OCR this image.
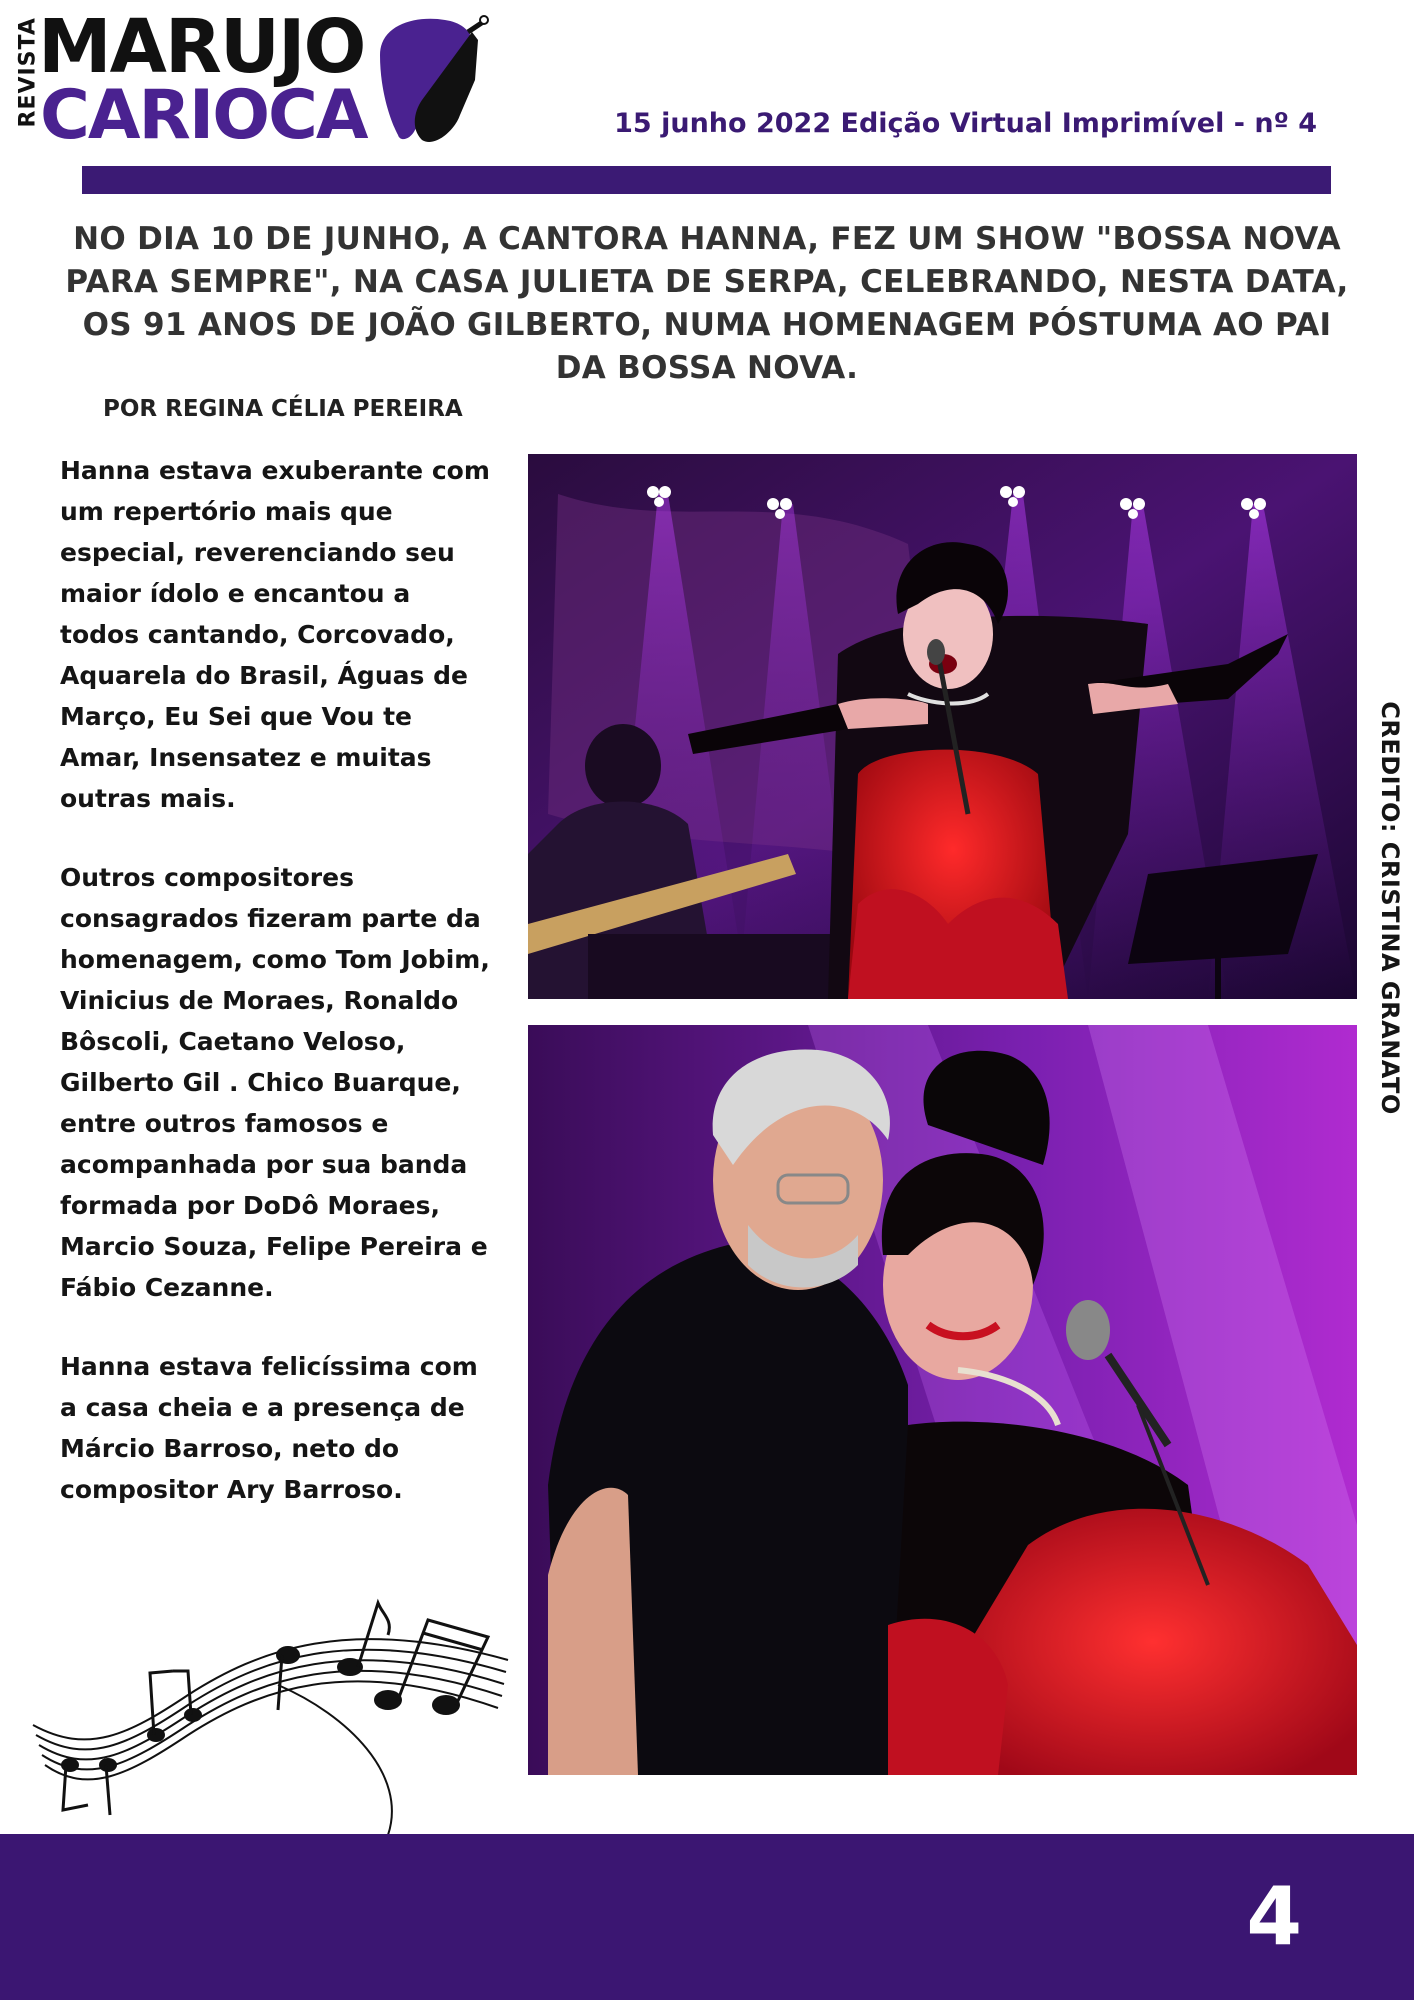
REVISTA
MARUJO
CARIOCA	15 junho 2022 Edição Virtual Imprimível - nº 4
NO DIA 10 DE JUNHO, A CANTORA HANNA, FEZ UM SHOW "BOSSA NOVA PARA SEMPRE", NA CASA JULIETA DE SERPA, CELEBRANDO, NESTA DATA, OS 91 ANOS DE JOÃO GILBERTO, NUMA HOMENAGEM PÓSTUMA AO PAI DA BOSSA NOVA.
POR REGINA CÉLIA PEREIRA

Hanna estava exuberante com um repertório mais que especial, reverenciando seu maior ídolo e encantou a todos cantando, Corcovado, Aquarela do Brasil, Águas de Março, Eu Sei que Vou te Amar, Insensatez e muitas outras mais.

Outros compositores consagrados fizeram parte da homenagem, como Tom Jobim, Vinicius de Moraes, Ronaldo Bôscoli, Caetano Veloso, Gilberto Gil . Chico Buarque, entre outros famosos e acompanhada por sua banda formada por DoDô Moraes, Marcio Souza, Felipe Pereira e Fábio Cezanne.

Hanna estava felicíssima com a casa cheia e a presença de Márcio Barroso, neto do compositor Ary Barroso.

CREDITO: CRISTINA GRANATO
4
